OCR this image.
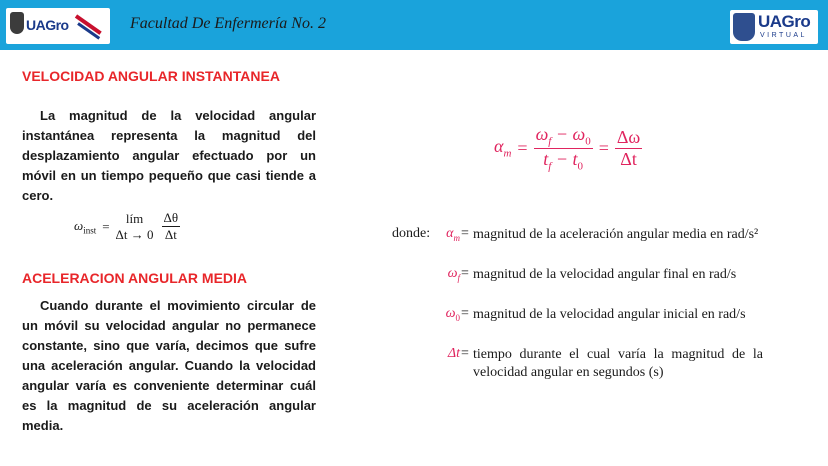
UAGro	Facultad De Enfermería No. 2	UAGro
VIRTUAL
VELOCIDAD ANGULAR INSTANTANEA

La magnitud de la velocidad angular instantánea representa la magnitud del desplazamiento angular efectuado por un móvil en un tiempo pequeño que casi tiende a cero.

$\omega_{inst}$ =
lím
$\Delta t \to 0 \frac{\Delta\theta}{\Delta t}$
ACELERACION ANGULAR MEDIA

Cuando durante el movimiento circular de un móvil su velocidad angular no permanece constante, sino que varía, decimos que sufre una aceleración angular. Cuando la velocidad angular varía es conveniente determinar cuál es la magnitud de su aceleración angular media.

$\alpha_m = \frac{\omega_f - \omega_0}{t_f - t_0} = \frac{\Delta\omega}{\Delta t}$
donde:	$\alpha_m$ = magnitud de la aceleración angular media en rad/s²
$\omega_f$ = magnitud de la velocidad angular final en rad/s
$\omega_0$ = magnitud de la velocidad angular inicial en rad/s
Δt = tiempo durante el cual varía la magnitud de la velocidad angular en segundos (s)
